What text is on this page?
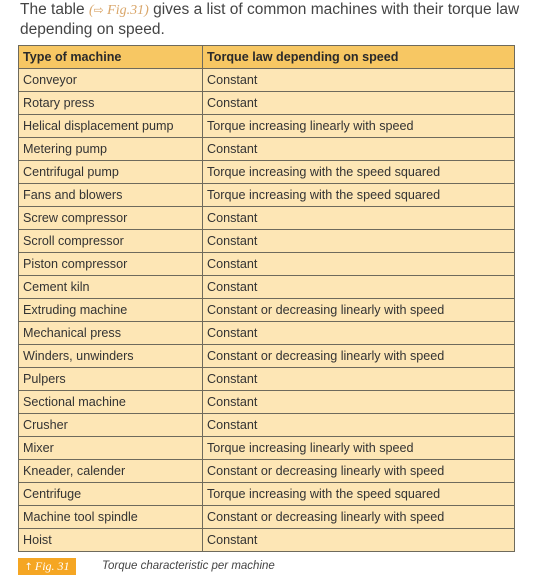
The table (⇨ Fig.31) gives a list of common machines with their torque law depending on speed.

Type of machine	Torque law depending on speed
Conveyor	Constant
Rotary press	Constant
Helical displacement pump	Torque increasing linearly with speed
Metering pump	Constant
Centrifugal pump	Torque increasing with the speed squared
Fans and blowers	Torque increasing with the speed squared
Screw compressor	Constant
Scroll compressor	Constant
Piston compressor	Constant
Cement kiln	Constant
Extruding machine	Constant or decreasing linearly with speed
Mechanical press	Constant
Winders, unwinders	Constant or decreasing linearly with speed
Pulpers	Constant
Sectional machine	Constant
Crusher	Constant
Mixer	Torque increasing linearly with speed
Kneader, calender	Constant or decreasing linearly with speed
Centrifuge	Torque increasing with the speed squared
Machine tool spindle	Constant or decreasing linearly with speed
Hoist	Constant
↑ Fig. 31	Torque characteristic per machine
